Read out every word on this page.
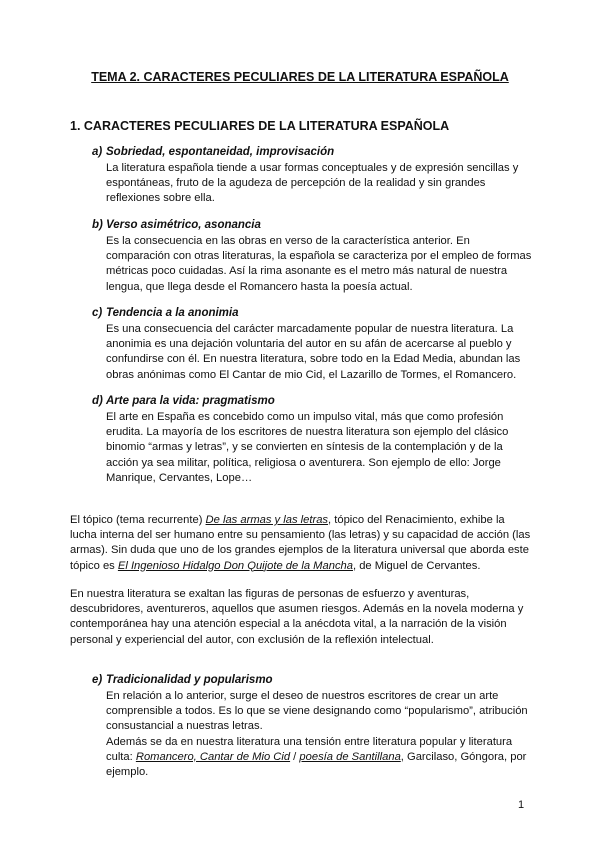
TEMA 2. CARACTERES PECULIARES DE LA LITERATURA ESPAÑOLA
1. CARACTERES PECULIARES DE LA LITERATURA ESPAÑOLA
a) Sobriedad, espontaneidad, improvisación
La literatura española tiende a usar formas conceptuales y de expresión sencillas y espontáneas, fruto de la agudeza de percepción de la realidad y sin grandes reflexiones sobre ella.
b) Verso asimétrico, asonancia
Es la consecuencia en las obras en verso de la característica anterior. En comparación con otras literaturas, la española se caracteriza por el empleo de formas métricas poco cuidadas. Así la rima asonante es el metro más natural de nuestra lengua, que llega desde el Romancero hasta la poesía actual.
c) Tendencia a la anonimia
Es una consecuencia del carácter marcadamente popular de nuestra literatura. La anonimia es una dejación voluntaria del autor en su afán de acercarse al pueblo y confundirse con él. En nuestra literatura, sobre todo en la Edad Media, abundan las obras anónimas como El Cantar de mio Cid, el Lazarillo de Tormes, el Romancero.
d) Arte para la vida: pragmatismo
El arte en España es concebido como un impulso vital, más que como profesión erudita. La mayoría de los escritores de nuestra literatura son ejemplo del clásico binomio “armas y letras”, y se convierten en síntesis de la contemplación y de la acción ya sea militar, política, religiosa o aventurera. Son ejemplo de ello: Jorge Manrique, Cervantes, Lope…
El tópico (tema recurrente) De las armas y las letras, tópico del Renacimiento, exhibe la lucha interna del ser humano entre su pensamiento (las letras) y su capacidad de acción (las armas). Sin duda que uno de los grandes ejemplos de la literatura universal que aborda este tópico es El Ingenioso Hidalgo Don Quijote de la Mancha, de Miguel de Cervantes.
En nuestra literatura se exaltan las figuras de personas de esfuerzo y aventuras, descubridores, aventureros, aquellos que asumen riesgos. Además en la novela moderna y contemporánea hay una atención especial a la anécdota vital, a la narración de la visión personal y experiencial del autor, con exclusión de la reflexión intelectual.
e) Tradicionalidad y popularismo
En relación a lo anterior, surge el deseo de nuestros escritores de crear un arte comprensible a todos. Es lo que se viene designando como “popularismo”, atribución consustancial a nuestras letras.
Además se da en nuestra literatura una tensión entre literatura popular y literatura culta: Romancero, Cantar de Mio Cid / poesía de Santillana, Garcilaso, Góngora, por ejemplo.
1
